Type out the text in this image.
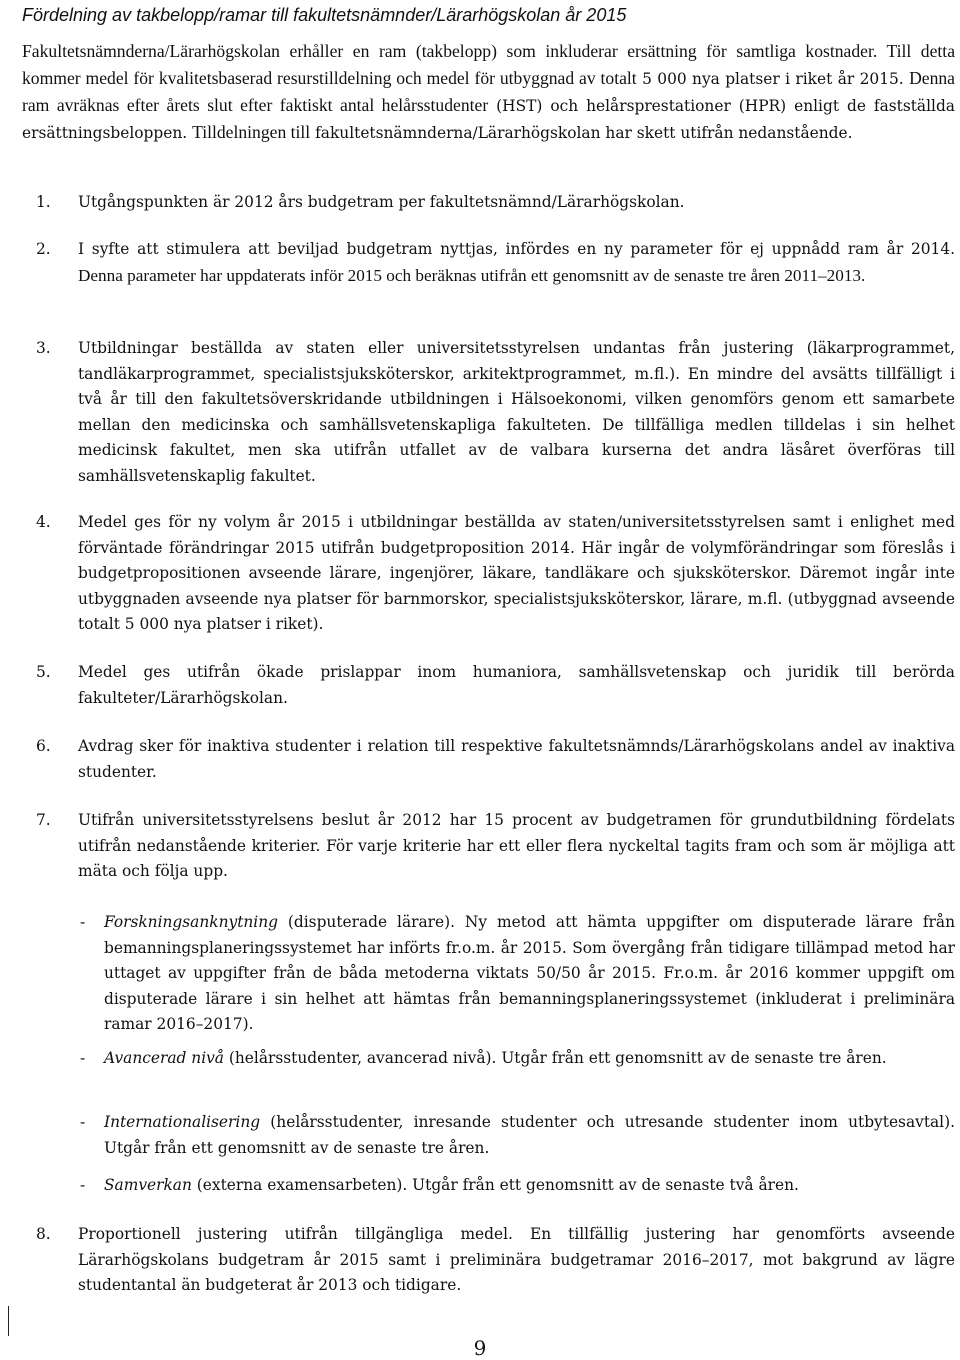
Fördelning av takbelopp/ramar till fakultetsnämnder/Lärarhögskolan år 2015

Fakultetsnämnderna/Lärarhögskolan erhåller en ram (takbelopp) som inkluderar ersättning för samtliga kostnader. Till detta kommer medel för kvalitetsbaserad resurstilldelning och medel för utbyggnad av totalt 5 000 nya platser i riket år 2015. Denna ram avräknas efter årets slut efter faktiskt antal helårsstudenter (HST) och helårsprestationer (HPR) enligt de fastställda ersättningsbeloppen. Tilldelningen till fakultetsnämnderna/Lärarhögskolan har skett utifrån nedanstående.

1.	Utgångspunkten är 2012 års budgetram per fakultetsnämnd/Lärarhögskolan.
2.	I syfte att stimulera att beviljad budgetram nyttjas, infördes en ny parameter för ej uppnådd ram år 2014. Denna parameter har uppdaterats inför 2015 och beräknas utifrån ett genomsnitt av de senaste tre åren 2011–2013.
3.	Utbildningar beställda av staten eller universitetsstyrelsen undantas från justering (läkarprogrammet, tandläkarprogrammet, specialistsjuksköterskor, arkitektprogrammet, m.fl.). En mindre del avsätts tillfälligt i två år till den fakultetsöverskridande utbildningen i Hälsoekonomi, vilken genomförs genom ett samarbete mellan den medicinska och samhällsvetenskapliga fakulteten. De tillfälliga medlen tilldelas i sin helhet medicinsk fakultet, men ska utifrån utfallet av de valbara kurserna det andra läsåret överföras till samhällsvetenskaplig fakultet.
4.	Medel ges för ny volym år 2015 i utbildningar beställda av staten/universitetsstyrelsen samt i enlighet med förväntade förändringar 2015 utifrån budgetproposition 2014. Här ingår de volymförändringar som föreslås i budgetpropositionen avseende lärare, ingenjörer, läkare, tandläkare och sjuksköterskor. Däremot ingår inte utbyggnaden avseende nya platser för barnmorskor, specialistsjuksköterskor, lärare, m.fl. (utbyggnad avseende totalt 5 000 nya platser i riket).
5.	Medel ges utifrån ökade prislappar inom humaniora, samhällsvetenskap och juridik till berörda fakulteter/Lärarhögskolan.
6.	Avdrag sker för inaktiva studenter i relation till respektive fakultetsnämnds/Lärarhögskolans andel av inaktiva studenter.
7.	Utifrån universitetsstyrelsens beslut år 2012 har 15 procent av budgetramen för grundutbildning fördelats utifrån nedanstående kriterier. För varje kriterie har ett eller flera nyckeltal tagits fram och som är möjliga att mäta och följa upp.
- Forskningsanknytning (disputerade lärare). Ny metod att hämta uppgifter om disputerade lärare från bemanningsplaneringssystemet har införts fr.o.m. år 2015. Som övergång från tidigare tillämpad metod har uttaget av uppgifter från de båda metoderna viktats 50/50 år 2015. Fr.o.m. år 2016 kommer uppgift om disputerade lärare i sin helhet att hämtas från bemanningsplaneringssystemet (inkluderat i preliminära ramar 2016–2017).
- Avancerad nivå (helårsstudenter, avancerad nivå). Utgår från ett genomsnitt av de senaste tre åren.
- Internationalisering (helårsstudenter, inresande studenter och utresande studenter inom utbytesavtal). Utgår från ett genomsnitt av de senaste tre åren.
- Samverkan (externa examensarbeten). Utgår från ett genomsnitt av de senaste två åren.
8.	Proportionell justering utifrån tillgängliga medel. En tillfällig justering har genomförts avseende Lärarhögskolans budgetram år 2015 samt i preliminära budgetramar 2016–2017, mot bakgrund av lägre studentantal än budgeterat år 2013 och tidigare.
9
